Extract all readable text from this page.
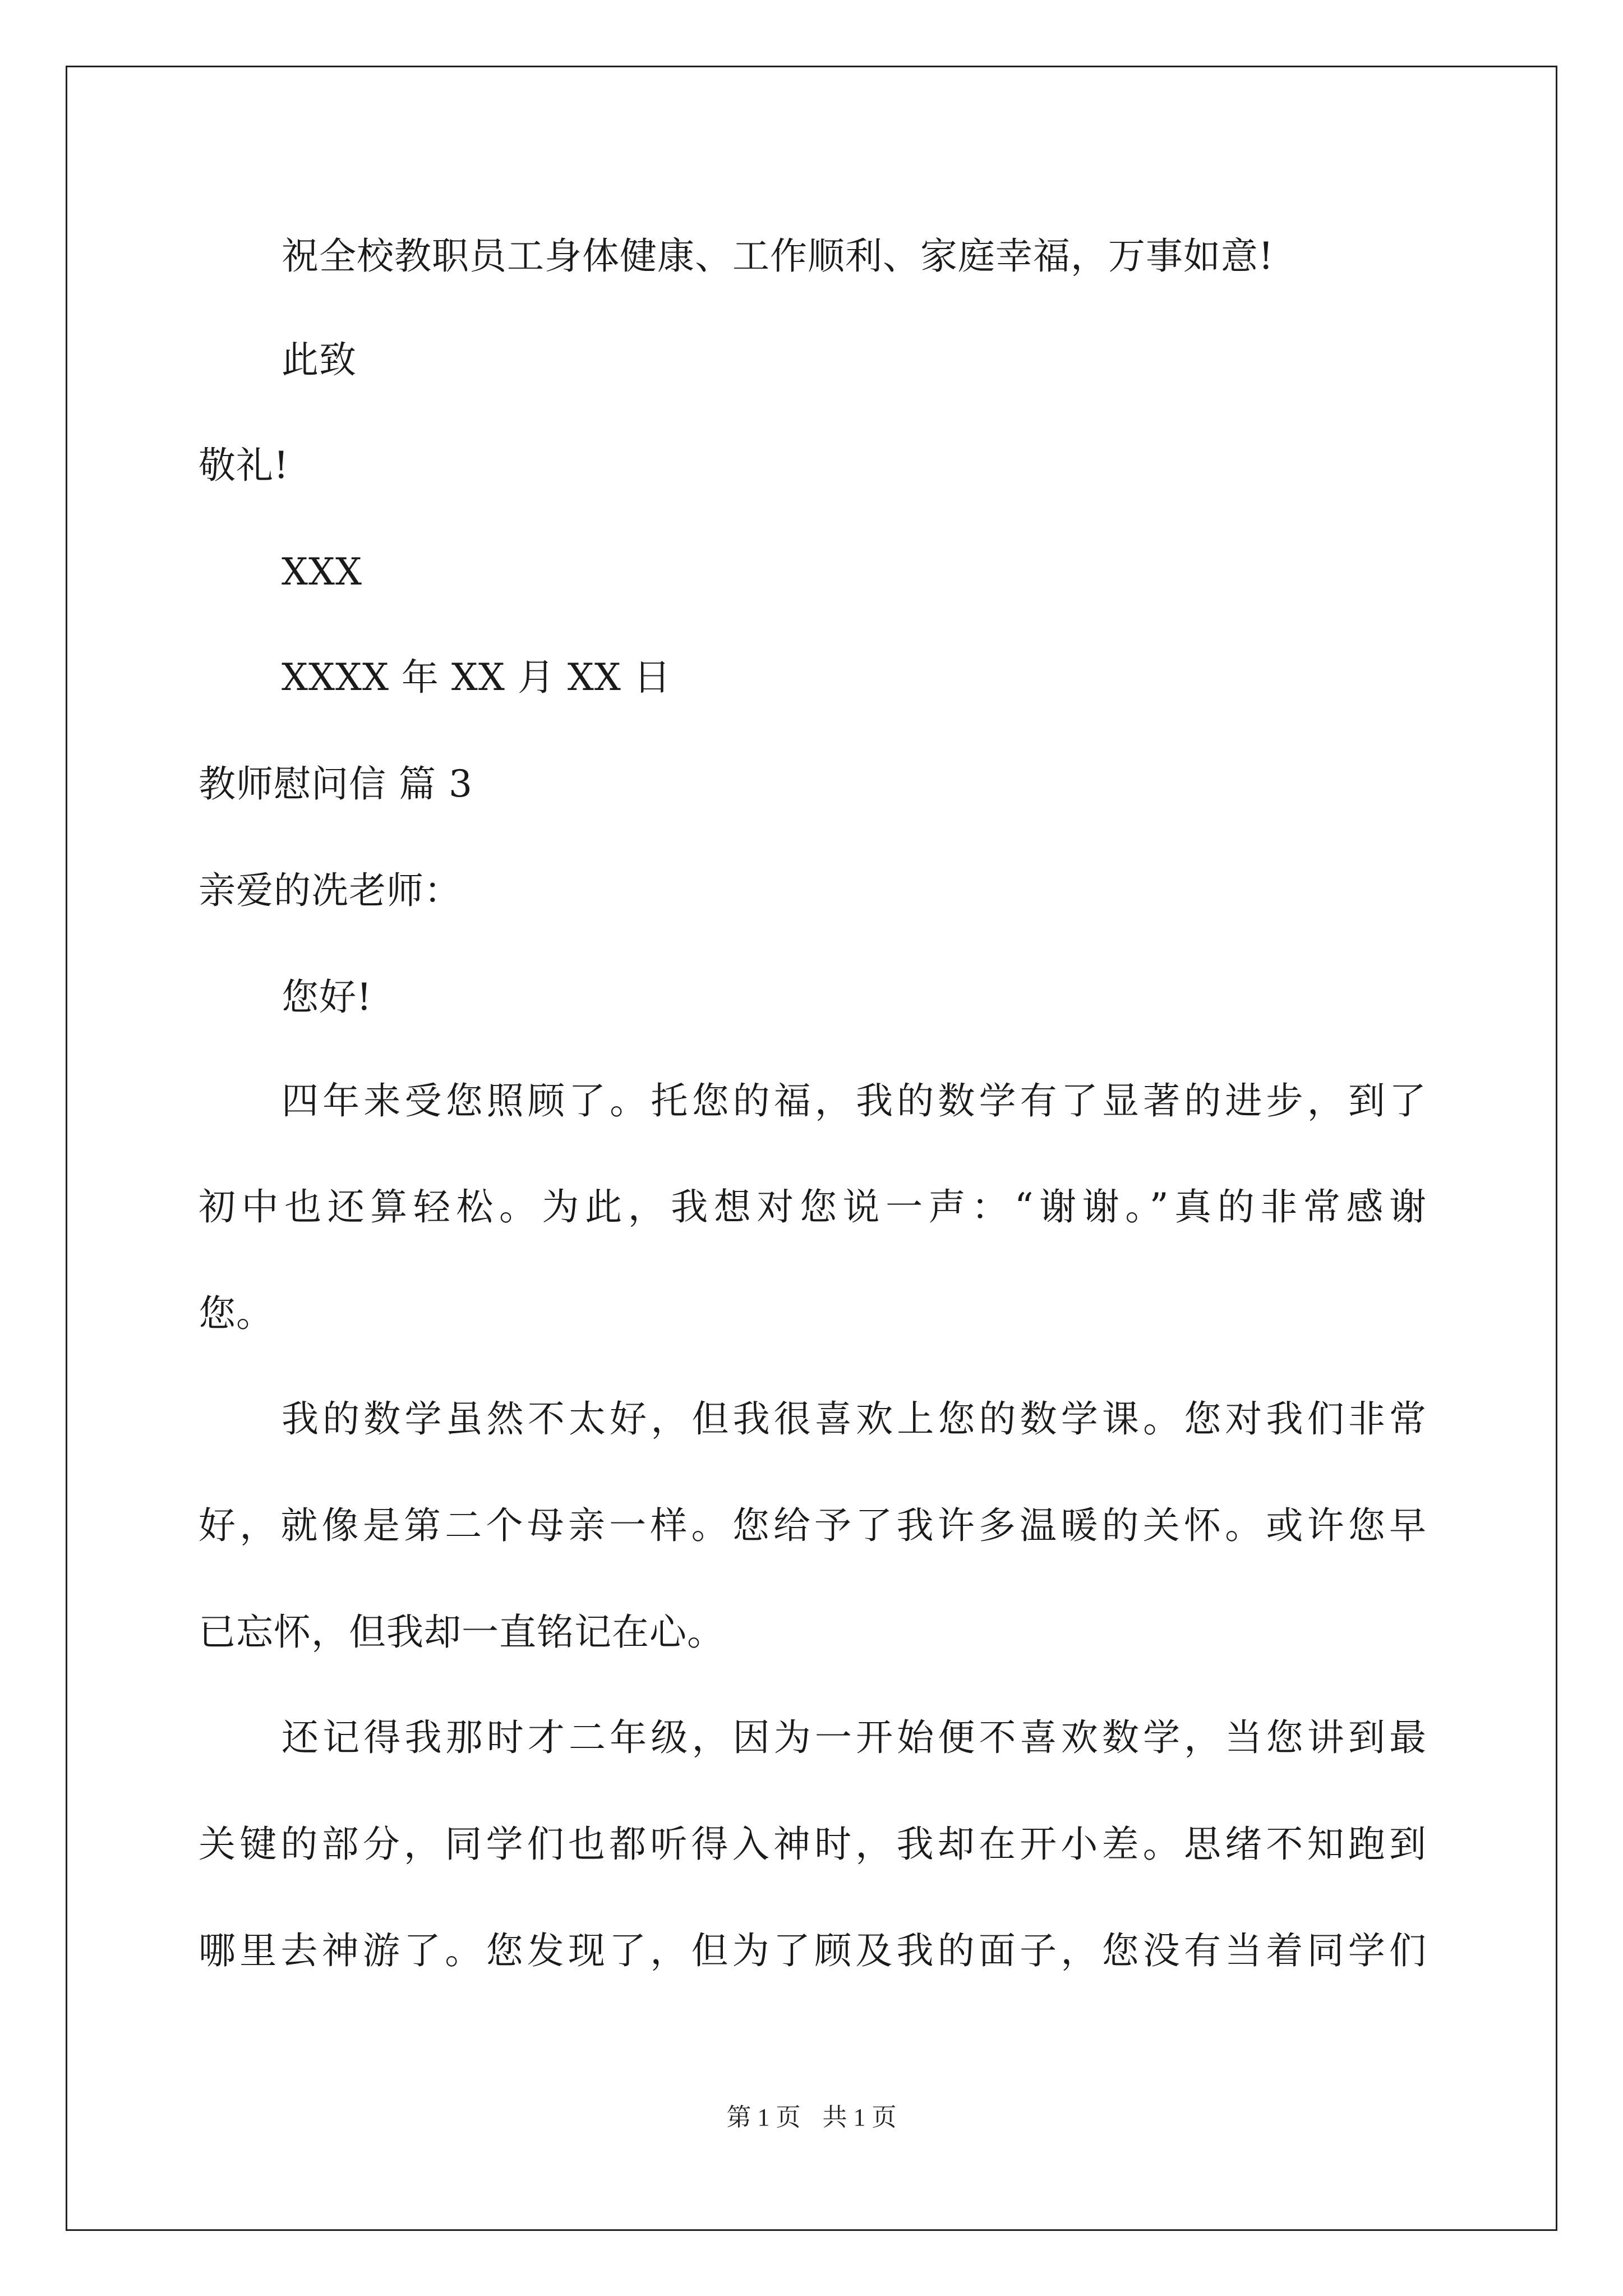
祝全校教职员工身体健康、工作顺利、家庭幸福，万事如意!
此致
敬礼!
XXX
XXXX 年 XX 月 XX 日
教师慰问信 篇 3
亲爱的冼老师：
您好!
四年来受您照顾了。托您的福，我的数学有了显著的进步，到了
初中也还算轻松。为此，我想对您说一声：“谢谢。”真的非常感谢
您。
我的数学虽然不太好，但我很喜欢上您的数学课。您对我们非常
好，就像是第二个母亲一样。您给予了我许多温暖的关怀。或许您早
已忘怀，但我却一直铭记在心。
还记得我那时才二年级，因为一开始便不喜欢数学，当您讲到最
关键的部分，同学们也都听得入神时，我却在开小差。思绪不知跑到
哪里去神游了。您发现了，但为了顾及我的面子，您没有当着同学们
第 1 页 共 1 页
